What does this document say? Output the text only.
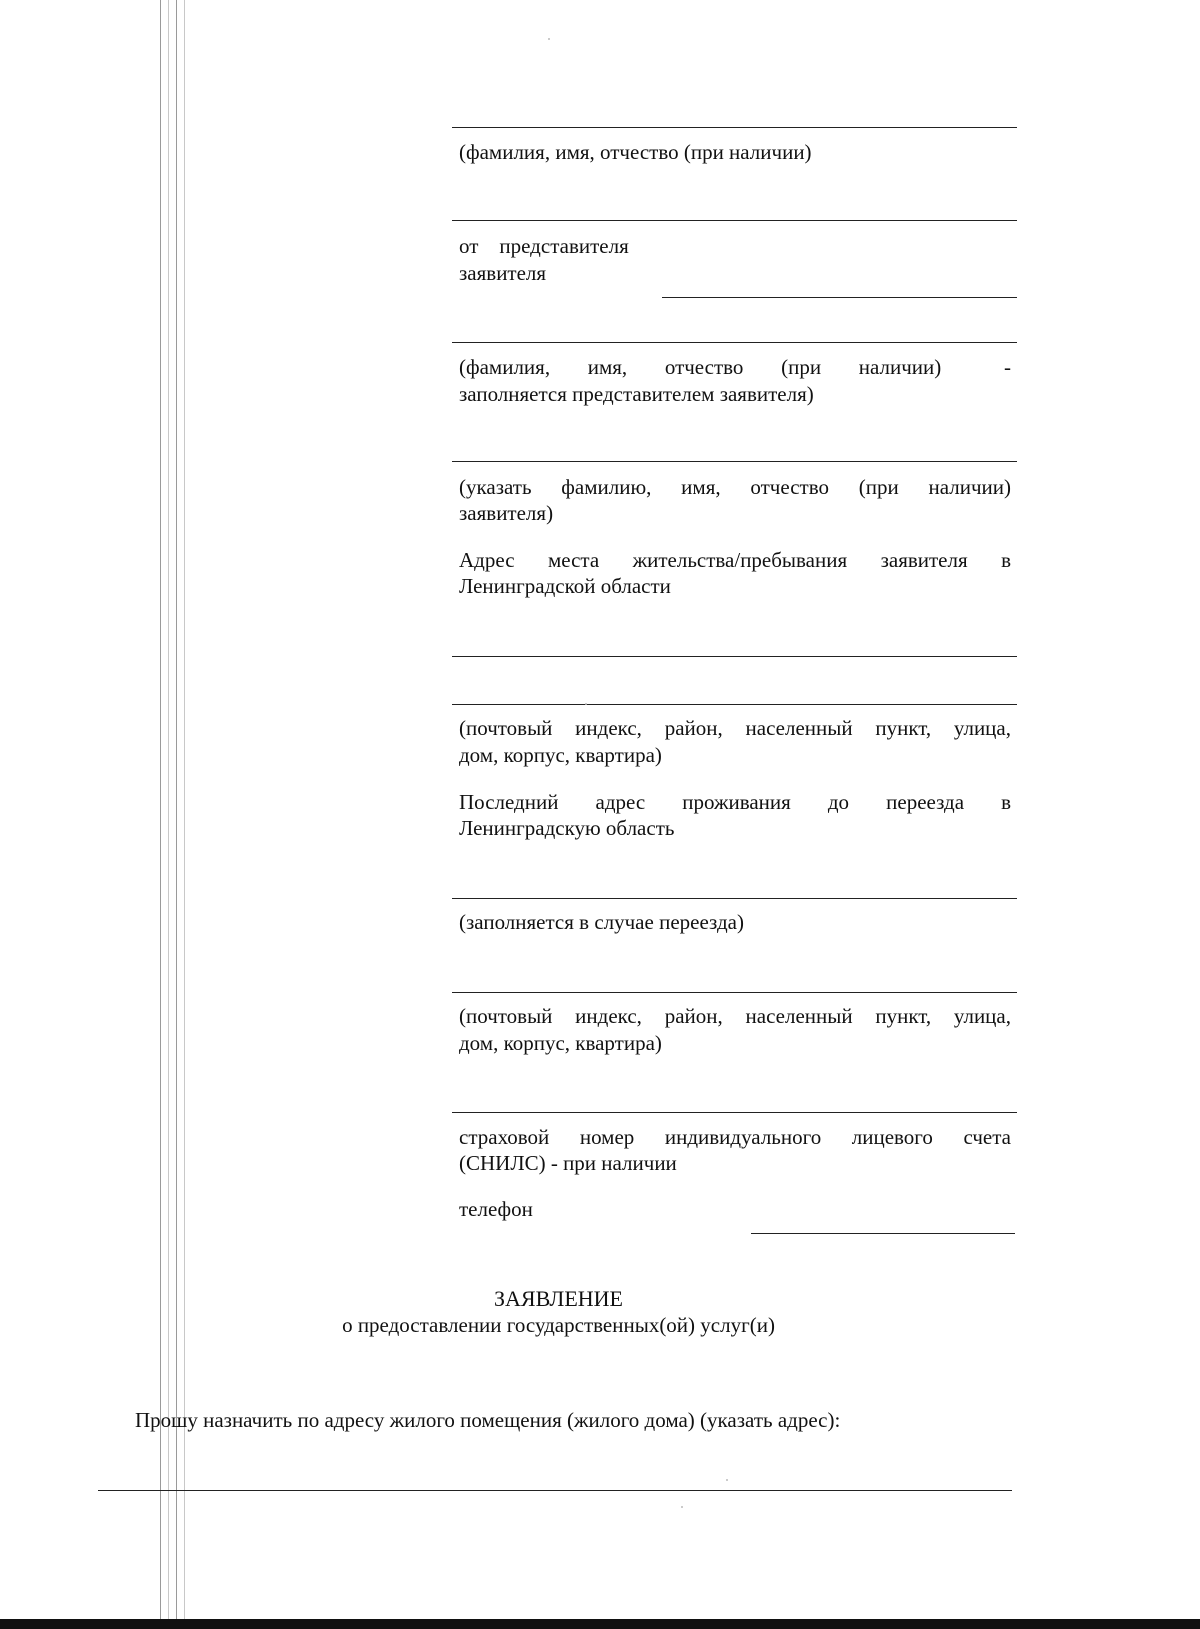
(фамилия, имя, отчество (при наличии)
от    представителя
заявителя
(фамилия,   имя,   отчество   (при   наличии)     -
заполняется представителем заявителя)
(указать фамилию, имя, отчество (при наличии)
заявителя)
Адрес места жительства/пребывания заявителя в
Ленинградской области
(почтовый индекс, район, населенный пункт, улица,
дом, корпус, квартира)
Последний   адрес   проживания   до   переезда   в
Ленинградскую область
(заполняется в случае переезда)
(почтовый индекс, район, населенный пункт, улица,
дом, корпус, квартира)
страховой номер индивидуального лицевого счета
(СНИЛС) - при наличии
телефон
ЗАЯВЛЕНИЕ
о предоставлении государственных(ой) услуг(и)
Прошу назначить по адресу жилого помещения (жилого дома) (указать адрес):
